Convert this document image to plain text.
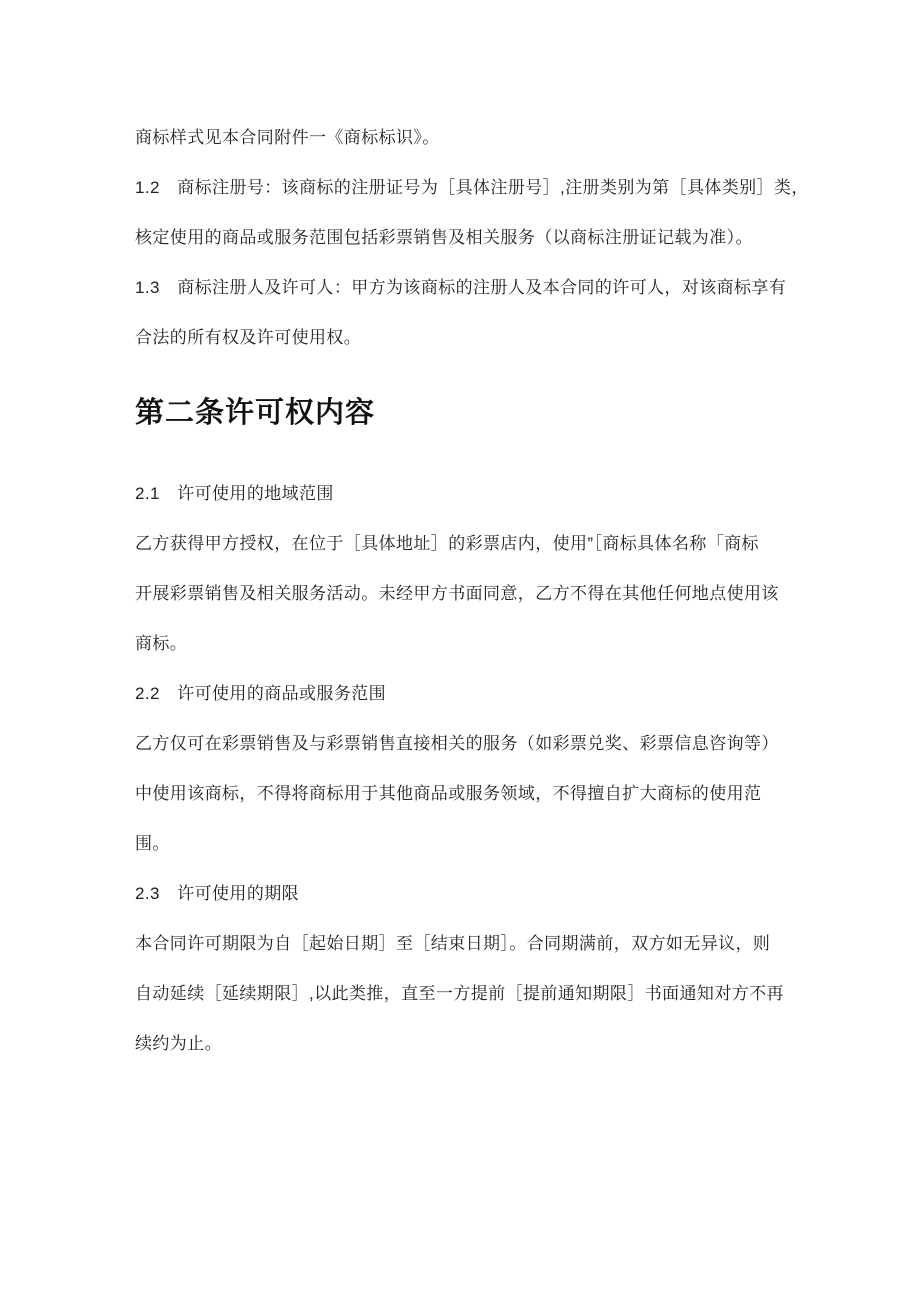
商标样式见本合同附件一《商标标识》。
1.2　商标注册号：该商标的注册证号为［具体注册号］,注册类别为第［具体类别］类，
核定使用的商品或服务范围包括彩票销售及相关服务（以商标注册证记载为准）。
1.3　商标注册人及许可人：甲方为该商标的注册人及本合同的许可人，对该商标享有
合法的所有权及许可使用权。
第二条许可权内容
2.1　许可使用的地域范围
乙方获得甲方授权，在位于［具体地址］的彩票店内，使用”［商标具体名称「商标
开展彩票销售及相关服务活动。未经甲方书面同意，乙方不得在其他任何地点使用该
商标。
2.2　许可使用的商品或服务范围
乙方仅可在彩票销售及与彩票销售直接相关的服务（如彩票兑奖、彩票信息咨询等）
中使用该商标，不得将商标用于其他商品或服务领域，不得擅自扩大商标的使用范
围。
2.3　许可使用的期限
本合同许可期限为自［起始日期］至［结束日期］。合同期满前，双方如无异议，则
自动延续［延续期限］,以此类推，直至一方提前［提前通知期限］书面通知对方不再
续约为止。
